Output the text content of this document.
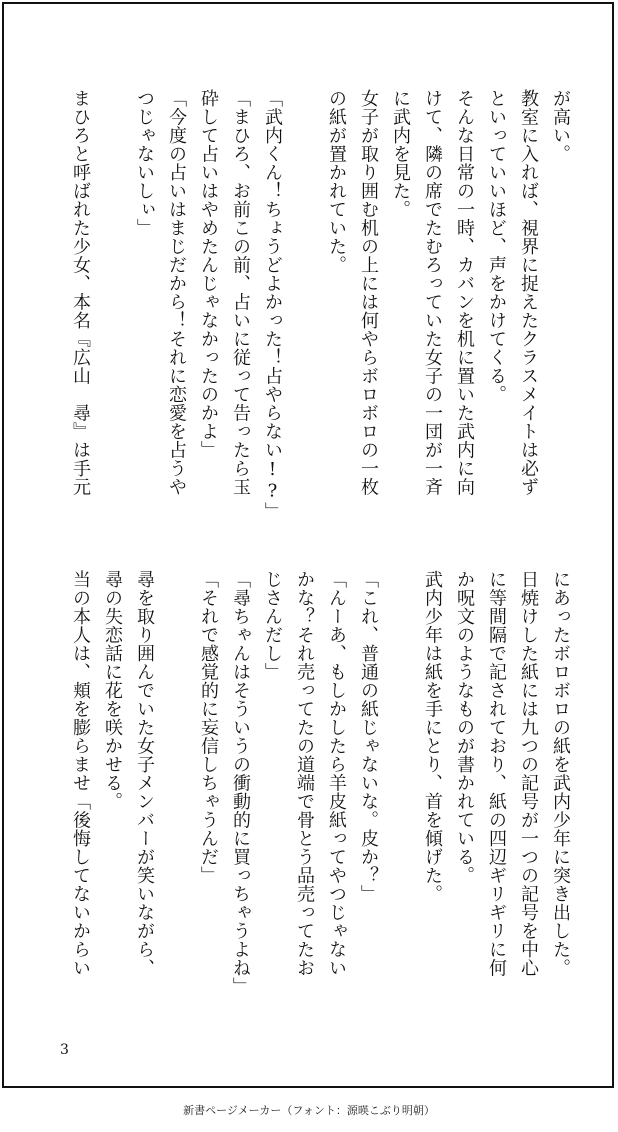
が高い。
教室に入れば、視界に捉えたクラスメイトは必ず
といっていいほど、声をかけてくる。
そんな日常の一時、カバンを机に置いた武内に向
けて、隣の席でたむろっていた女子の一団が一斉
に武内を見た。
女子が取り囲む机の上には何やらボロボロの一枚
の紙が置かれていた。
「武内くん！ちょうどよかった！占やらない!?」
「まひろ、お前この前、占いに従って告ったら玉
砕して占いはやめたんじゃなかったのかよ」
「今度の占いはまじだから！それに恋愛を占うや
つじゃないしぃ」
まひろと呼ばれた少女、本名『広山　尋』は手元
にあったボロボロの紙を武内少年に突き出した。
日焼けした紙には九つの記号が一つの記号を中心
に等間隔で記されており、紙の四辺ギリギリに何
か呪文のようなものが書かれている。
武内少年は紙を手にとり、首を傾げた。
「これ、普通の紙じゃないな。皮か？」
「んーあ、もしかしたら羊皮紙ってやつじゃない
かな？それ売ってたの道端で骨とう品売ってたお
じさんだし」
「尋ちゃんはそういうの衝動的に買っちゃうよね」
「それで感覚的に妄信しちゃうんだ」
尋を取り囲んでいた女子メンバーが笑いながら、
尋の失恋話に花を咲かせる。
当の本人は、頬を膨らませ「後悔してないからい
3
新書ページメーカー（フォント：源暎こぶり明朝）
